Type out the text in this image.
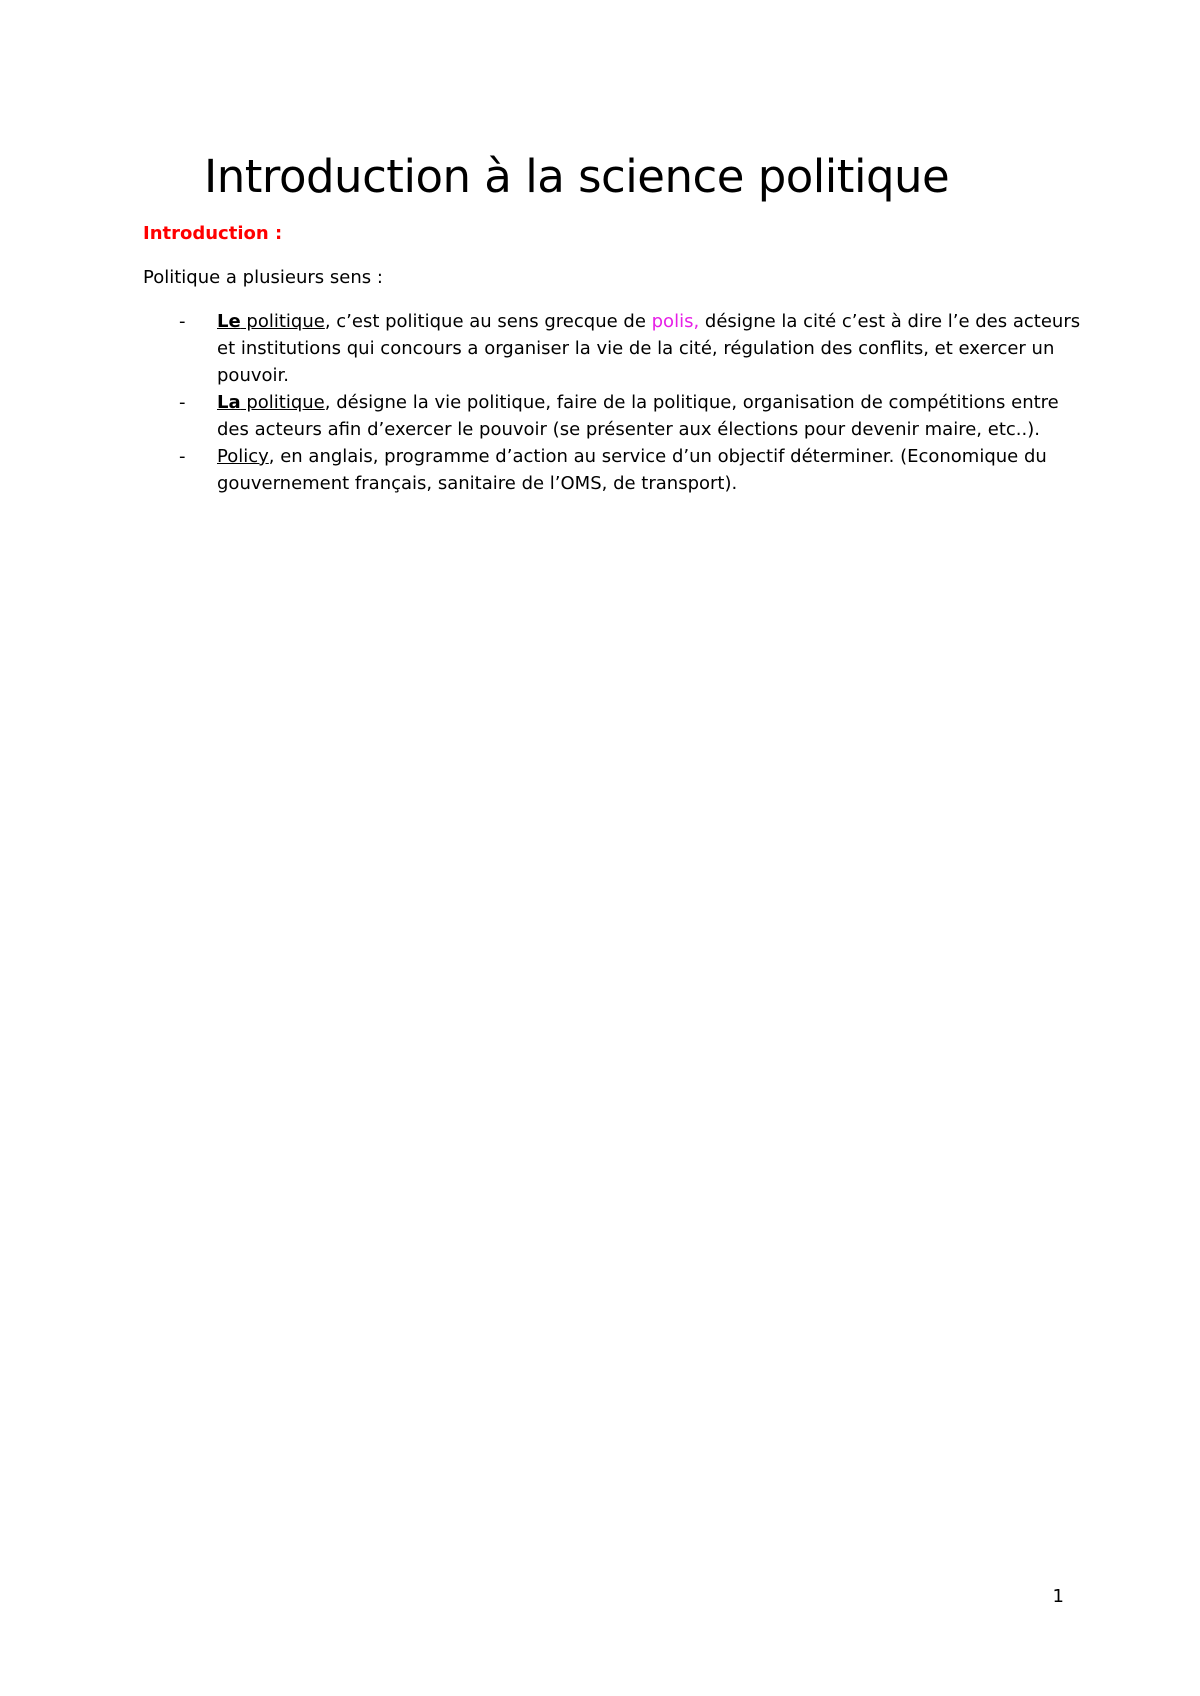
Introduction à la science politique

Introduction :

Politique a plusieurs sens :

- Le politique, c’est politique au sens grecque de polis, désigne la cité c’est à dire l’e des acteurs et institutions qui concours a organiser la vie de la cité, régulation des conflits, et exercer un pouvoir.
- La politique, désigne la vie politique, faire de la politique, organisation de compétitions entre des acteurs afin d’exercer le pouvoir (se présenter aux élections pour devenir maire, etc..).
- Policy, en anglais, programme d’action au service d’un objectif déterminer. (Economique du gouvernement français, sanitaire de l’OMS, de transport).

1
